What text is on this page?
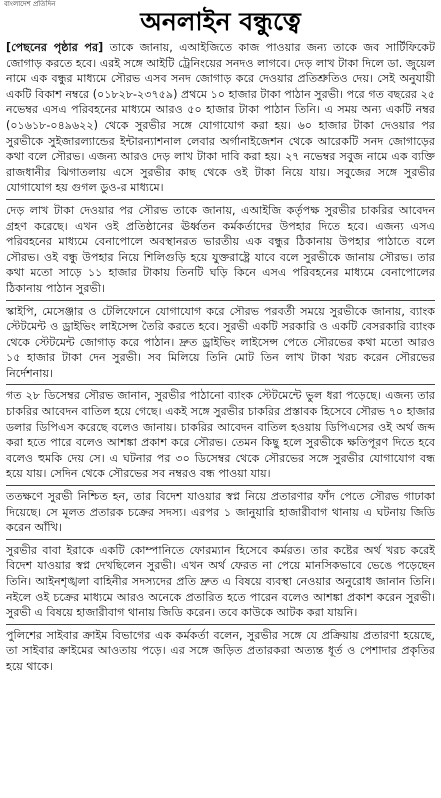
বাংলাদেশ প্রতিদিন
অনলাইন বন্ধুত্বে

[পেছনের পৃষ্ঠার পর] তাকে জানায়, এআইজিতে কাজ পাওয়ার জন্য তাকে জব সার্টিফিকেট জোগাড় করতে হবে। এরই সঙ্গে আইটি ট্রেনিংয়ের সনদও লাগবে। দেড় লাখ টাকা দিলে ডা. জুয়েল নামে এক বন্ধুর মাধ্যমে সৌরভ এসব সনদ জোগাড় করে দেওয়ার প্রতিশ্রুতিও দেয়। সেই অনুযায়ী একটি বিকাশ নম্বরে (০১৮২৮-২৩৭৫৯) প্রথমে ১০ হাজার টাকা পাঠান সুরভী। পরে গত বছরের ২৫ নভেম্বর এসএ পরিবহনের মাধ্যমে আরও ৫০ হাজার টাকা পাঠান তিনি। এ সময় অন্য একটি নম্বর (০১৬১৮-০৪৯৬২২) থেকে সুরভীর সঙ্গে যোগাযোগ করা হয়। ৬০ হাজার টাকা দেওয়ার পর সুরভীকে সুইজারল্যান্ডের ইন্টারন্যাশনাল লেবার অর্গানাইজেশন থেকে আরেকটি সনদ জোগাড়ের কথা বলে সৌরভ। এজন্য আরও দেড় লাখ টাকা দাবি করা হয়। ২৭ নভেম্বর সবুজ নামে এক ব্যক্তি রাজধানীর ঝিগাতলায় এসে সুরভীর কাছ থেকে ওই টাকা নিয়ে যায়। সবুজের সঙ্গে সুরভীর যোগাযোগ হয় গুগল ডুও-র মাধ্যমে।

দেড় লাখ টাকা দেওয়ার পর সৌরভ তাকে জানায়, এআইজি কর্তৃপক্ষ সুরভীর চাকরির আবেদন গ্রহণ করেছে। এখন ওই প্রতিষ্ঠানের ঊর্ধ্বতন কর্মকর্তাদের উপহার দিতে হবে। এজন্য এসএ পরিবহনের মাধ্যমে বেনাপোলে অবস্থানরত ভারতীয় এক বন্ধুর ঠিকানায় উপহার পাঠাতে বলে সৌরভ। ওই বন্ধু উপহার নিয়ে শিলিগুড়ি হয়ে যুক্তরাষ্ট্রে যাবে বলে সুরভীকে জানায় সৌরভ। তার কথা মতো সাড়ে ১১ হাজার টাকায় তিনটি ঘড়ি কিনে এসএ পরিবহনের মাধ্যমে বেনাপোলের ঠিকানায় পাঠান সুরভী।

স্কাইপি, মেসেঞ্জার ও টেলিফোনে যোগাযোগ করে সৌরভ পরবর্তী সময়ে সুরভীকে জানায়, ব্যাংক স্টেটমেন্ট ও ড্রাইভিং লাইসেন্স তৈরি করতে হবে। সুরভী একটি সরকারি ও একটি বেসরকারি ব্যাংক থেকে স্টেটমেন্ট জোগাড় করে পাঠান। দ্রুত ড্রাইভিং লাইসেন্স পেতে সৌরভের কথা মতো আরও ১৫ হাজার টাকা দেন সুরভী। সব মিলিয়ে তিনি মোট তিন লাখ টাকা খরচ করেন সৌরভের নির্দেশনায়।

গত ২৮ ডিসেম্বর সৌরভ জানান, সুরভীর পাঠানো ব্যাংক স্টেটমেন্টে ভুল ধরা পড়েছে। এজন্য তার চাকরির আবেদন বাতিল হয়ে গেছে। একই সঙ্গে সুরভীর চাকরির প্রস্তাবক হিসেবে সৌরভ ৭০ হাজার ডলার ডিপিএস করেছে বলেও জানায়। চাকরির আবেদন বাতিল হওয়ায় ডিপিএসের ওই অর্থ জব্দ করা হতে পারে বলেও আশঙ্কা প্রকাশ করে সৌরভ। তেমন কিছু হলে সুরভীকে ক্ষতিপূরণ দিতে হবে বলেও হুমকি দেয় সে। এ ঘটনার পর ৩০ ডিসেম্বর থেকে সৌরভের সঙ্গে সুরভীর যোগাযোগ বন্ধ হয়ে যায়। সেদিন থেকে সৌরভের সব নম্বরও বন্ধ পাওয়া যায়।

ততক্ষণে সুরভী নিশ্চিত হন, তার বিদেশ যাওয়ার স্বপ্ন নিয়ে প্রতারণার ফাঁদ পেতে সৌরভ গাঢাকা দিয়েছে। সে মূলত প্রতারক চক্রের সদস্য। এরপর ১ জানুয়ারি হাজারীবাগ থানায় এ ঘটনায় জিডি করেন আঁখি।

সুরভীর বাবা ইরাকে একটি কোম্পানিতে ফোরম্যান হিসেবে কর্মরত। তার কষ্টের অর্থ খরচ করেই বিদেশ যাওয়ার স্বপ্ন দেখছিলেন সুরভী। এখন অর্থ ফেরত না পেয়ে মানসিকভাবে ভেঙে পড়েছেন তিনি। আইনশৃঙ্খলা বাহিনীর সদস্যদের প্রতি দ্রুত এ বিষয়ে ব্যবস্থা নেওয়ার অনুরোধ জানান তিনি। নইলে ওই চক্রের মাধ্যমে আরও অনেকে প্রতারিত হতে পারেন বলেও আশঙ্কা প্রকাশ করেন সুরভী। সুরভী এ বিষয়ে হাজারীবাগ থানায় জিডি করেন। তবে কাউকে আটক করা যায়নি।

পুলিশের সাইবার ক্রাইম বিভাগের এক কর্মকর্তা বলেন, সুরভীর সঙ্গে যে প্রক্রিয়ায় প্রতারণা হয়েছে, তা সাইবার ক্রাইমের আওতায় পড়ে। এর সঙ্গে জড়িত প্রতারকরা অত্যন্ত ধূর্ত ও পেশাদার প্রকৃতির হয়ে থাকে।
